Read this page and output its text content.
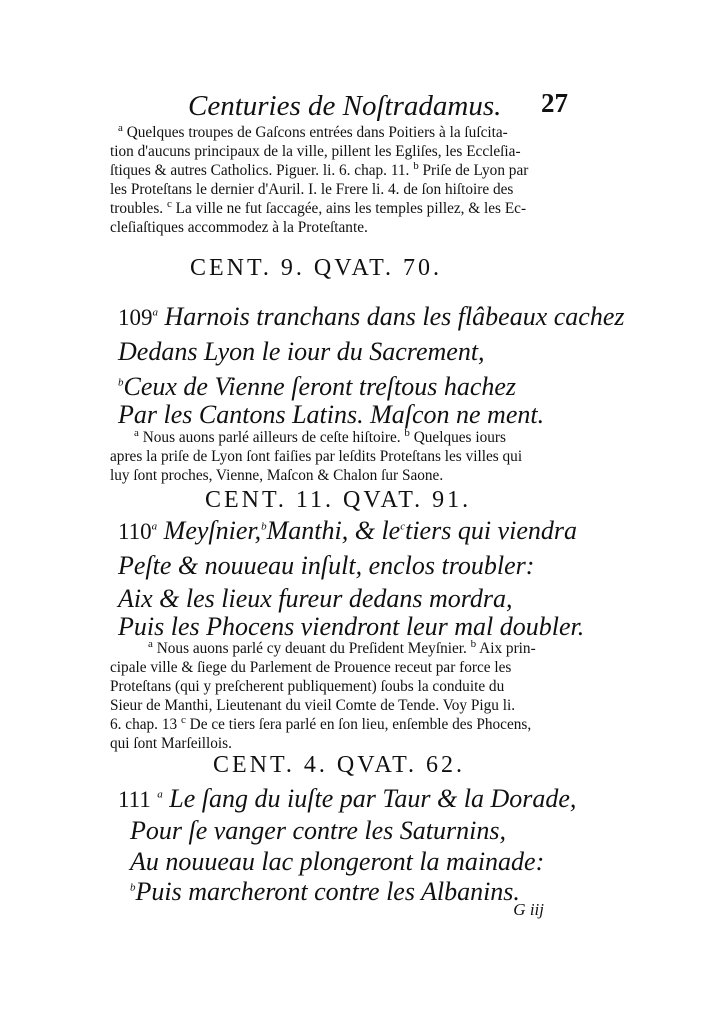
Centuries de Noſtradamus. 27
$^a$ Quelques troupes de Gaſcons entrées dans Poitiers à la ſuſcita-
tion d'aucuns principaux de la ville, pillent les Egliſes, les Eccleſia-
ſtiques & autres Catholics. Piguer. li. 6. chap. 11. $^b$ Priſe de Lyon par
les Proteſtans le dernier d'Auril. I. le Frere li. 4. de ſon hiſtoire des
troubles. $^c$ La ville ne fut ſaccagée, ains les temples pillez, & les Ec-
cleſiaſtiques accommodez à la Proteſtante.
CENT. 9. QVAT. 70.
109$^a$ Harnois tranchans dans les flâbeaux cachez
Dedans Lyon le iour du Sacrement,
$^b$Ceux de Vienne ſeront treſtous hachez
Par les Cantons Latins. Maſcon ne ment.
$^a$ Nous auons parlé ailleurs de ceſte hiſtoire. $^b$ Quelques iours
apres la priſe de Lyon ſont faiſies par leſdits Proteſtans les villes qui
luy ſont proches, Vienne, Maſcon & Chalon ſur Saone.
CENT. 11. QVAT. 91.
110$^a$ Meyſnier,$^b$Manthi, & $le^ctiers$ qui viendra
Peſte & nouueau inſult, enclos troubler:
Aix & les lieux fureur dedans mordra,
Puis les Phocens viendront leur mal doubler.
$^a$ Nous auons parlé cy deuant du Preſident Meyſnier. $^b$ Aix prin-
cipale ville & ſiege du Parlement de Prouence receut par force les
Proteſtans (qui y preſcherent publiquement) ſoubs la conduite du
Sieur de Manthi, Lieutenant du vieil Comte de Tende. Voy Pigu li.
6. chap. 13 $^c$ De ce tiers ſera parlé en ſon lieu, enſemble des Phocens,
qui ſont Marſeillois.
CENT. 4. QVAT. 62.
111 $^a$ Le ſang du iuſte par Taur & la Dorade,
Pour ſe vanger contre les Saturnins,
Au nouueau lac plongeront la mainade:
$^b$Puis marcheront contre les Albanins.
G iij
